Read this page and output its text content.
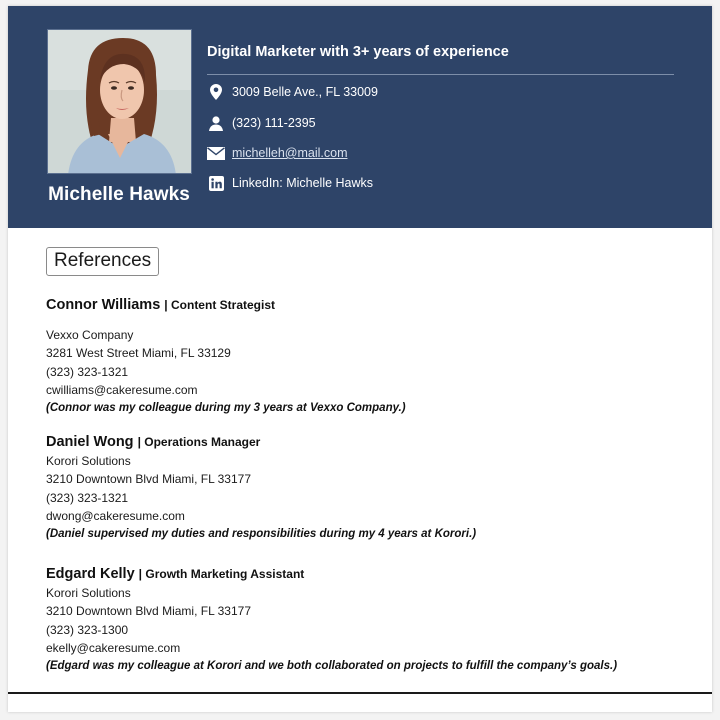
Michelle Hawks
Digital Marketer with 3+ years of experience
3009 Belle Ave., FL 33009
(323) 111-2395
michelleh@mail.com
LinkedIn: Michelle Hawks
References
Connor Williams | Content Strategist
Vexxo Company
3281 West Street Miami, FL 33129
(323) 323-1321
cwilliams@cakeresume.com
(Connor was my colleague during my 3 years at Vexxo Company.)
Daniel Wong | Operations Manager
Korori Solutions
3210 Downtown Blvd Miami, FL 33177
(323) 323-1321
dwong@cakeresume.com
(Daniel supervised my duties and responsibilities during my 4 years at Korori.)
Edgard Kelly | Growth Marketing Assistant
Korori Solutions
3210 Downtown Blvd Miami, FL 33177
(323) 323-1300
ekelly@cakeresume.com
(Edgard was my colleague at Korori and we both collaborated on projects to fulfill the company’s goals.)
